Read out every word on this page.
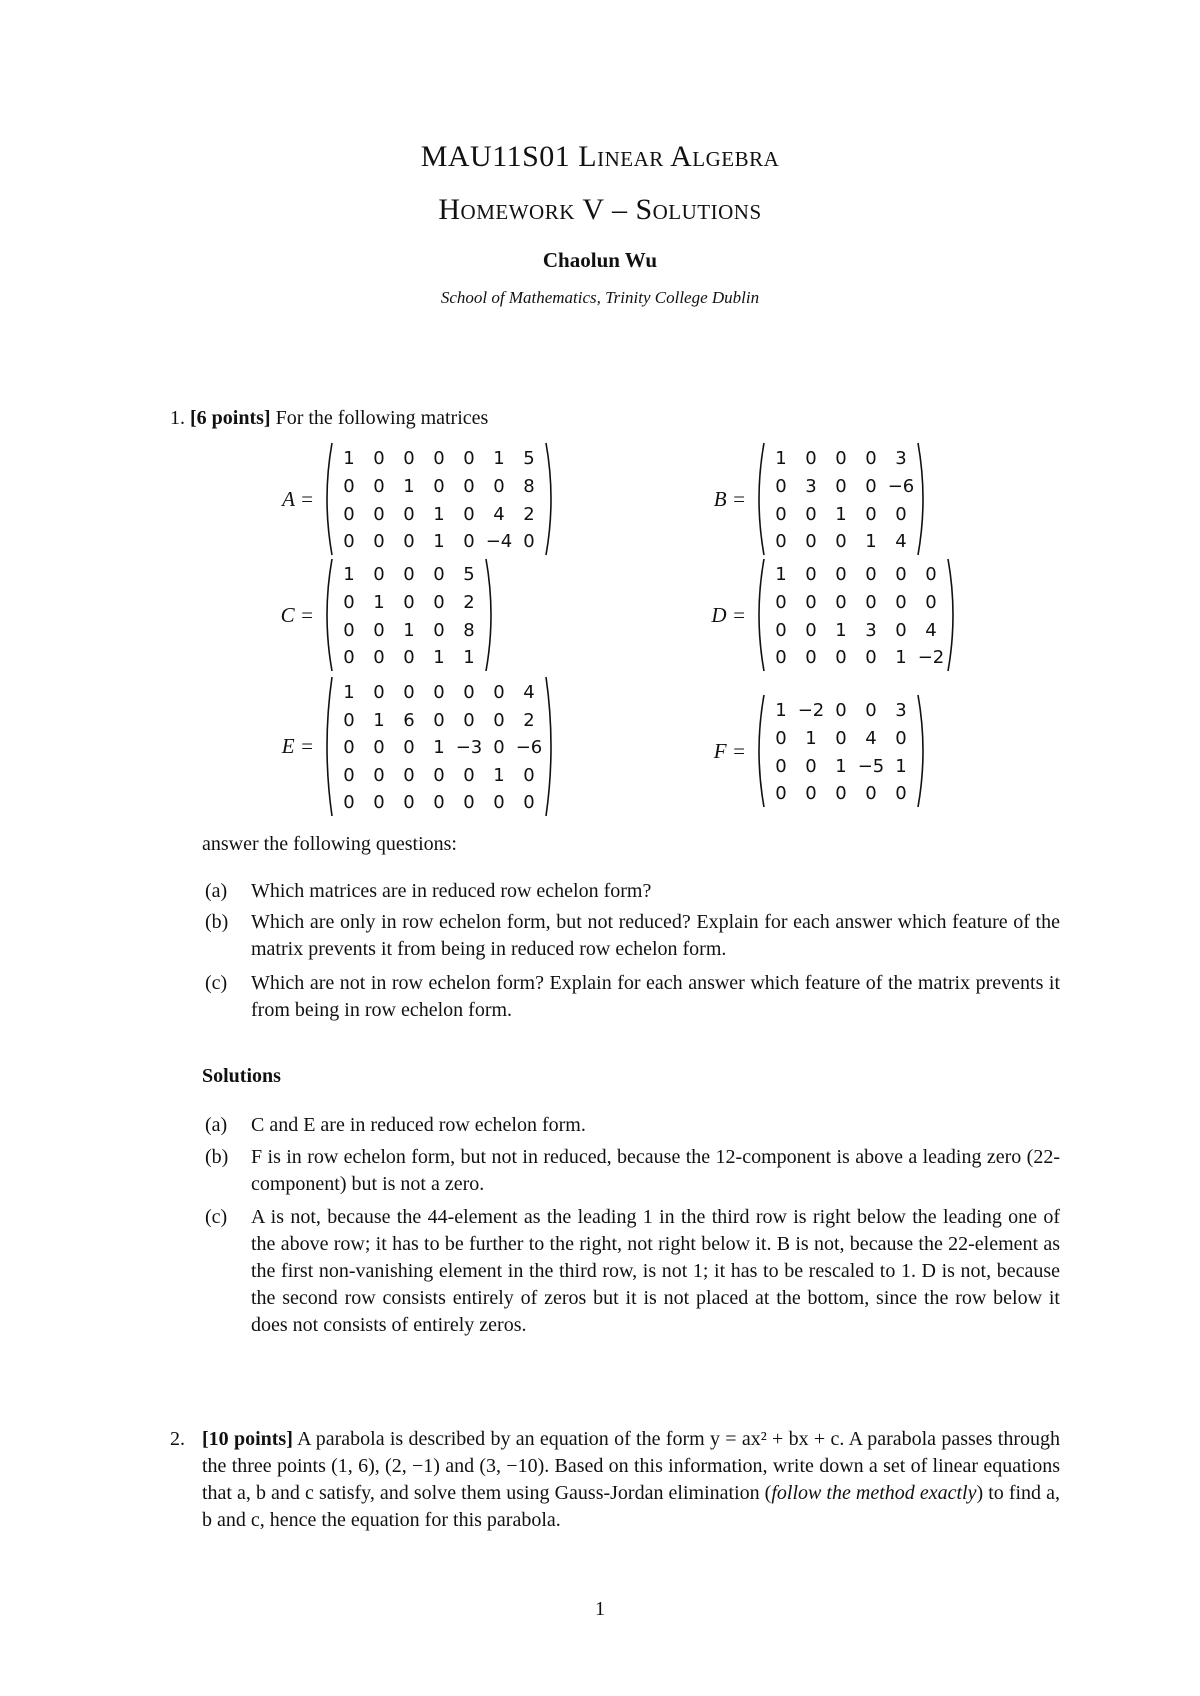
MAU11S01 Linear Algebra
Homework V – Solutions
Chaolun Wu
School of Mathematics, Trinity College Dublin
1. [6 points] For the following matrices
A =
1	0	0	0	0	1	5
0	0	1	0	0	0	8
0	0	0	1	0	4	2
0	0	0	1	0 −4 0
B =
1	0	0	0	3
0	3	0	0 −6
0	0	1	0	0
0	0	0	1	4
C =
1	0	0	0	5
0	1	0	0	2
0	0	1	0	8
0	0	0	1	1
D =
1	0	0	0	0	0
0	0	0	0	0	0
0	0	1	3	0	4
0	0	0	0	1 −2
E =
1	0	0	0	0	0	4
0	1	6	0	0	0	2
0	0	0	1 −3 0 −6
0	0	0	0	0	1	0
0	0	0	0	0	0	0
F =
1 −2 0	0	3
0	1	0	4	0
0	0	1 −5 1
0	0	0	0	0
answer the following questions:
(a) Which matrices are in reduced row echelon form?
(b) Which are only in row echelon form, but not reduced? Explain for each answer which feature of the matrix prevents it from being in reduced row echelon form.
(c) Which are not in row echelon form? Explain for each answer which feature of the matrix prevents it from being in row echelon form.
Solutions
(a) C and E are in reduced row echelon form.
(b) F is in row echelon form, but not in reduced, because the 12-component is above a leading zero (22-component) but is not a zero.
(c) A is not, because the 44-element as the leading 1 in the third row is right below the leading one of the above row; it has to be further to the right, not right below it. B is not, because the 22-element as the first non-vanishing element in the third row, is not 1; it has to be rescaled to 1. D is not, because the second row consists entirely of zeros but it is not placed at the bottom, since the row below it does not consists of entirely zeros.
2. [10 points] A parabola is described by an equation of the form y = ax² + bx + c. A parabola passes through the three points (1, 6), (2, −1) and (3, −10). Based on this information, write down a set of linear equations that a, b and c satisfy, and solve them using Gauss-Jordan elimination (follow the method exactly) to find a, b and c, hence the equation for this parabola.
1
